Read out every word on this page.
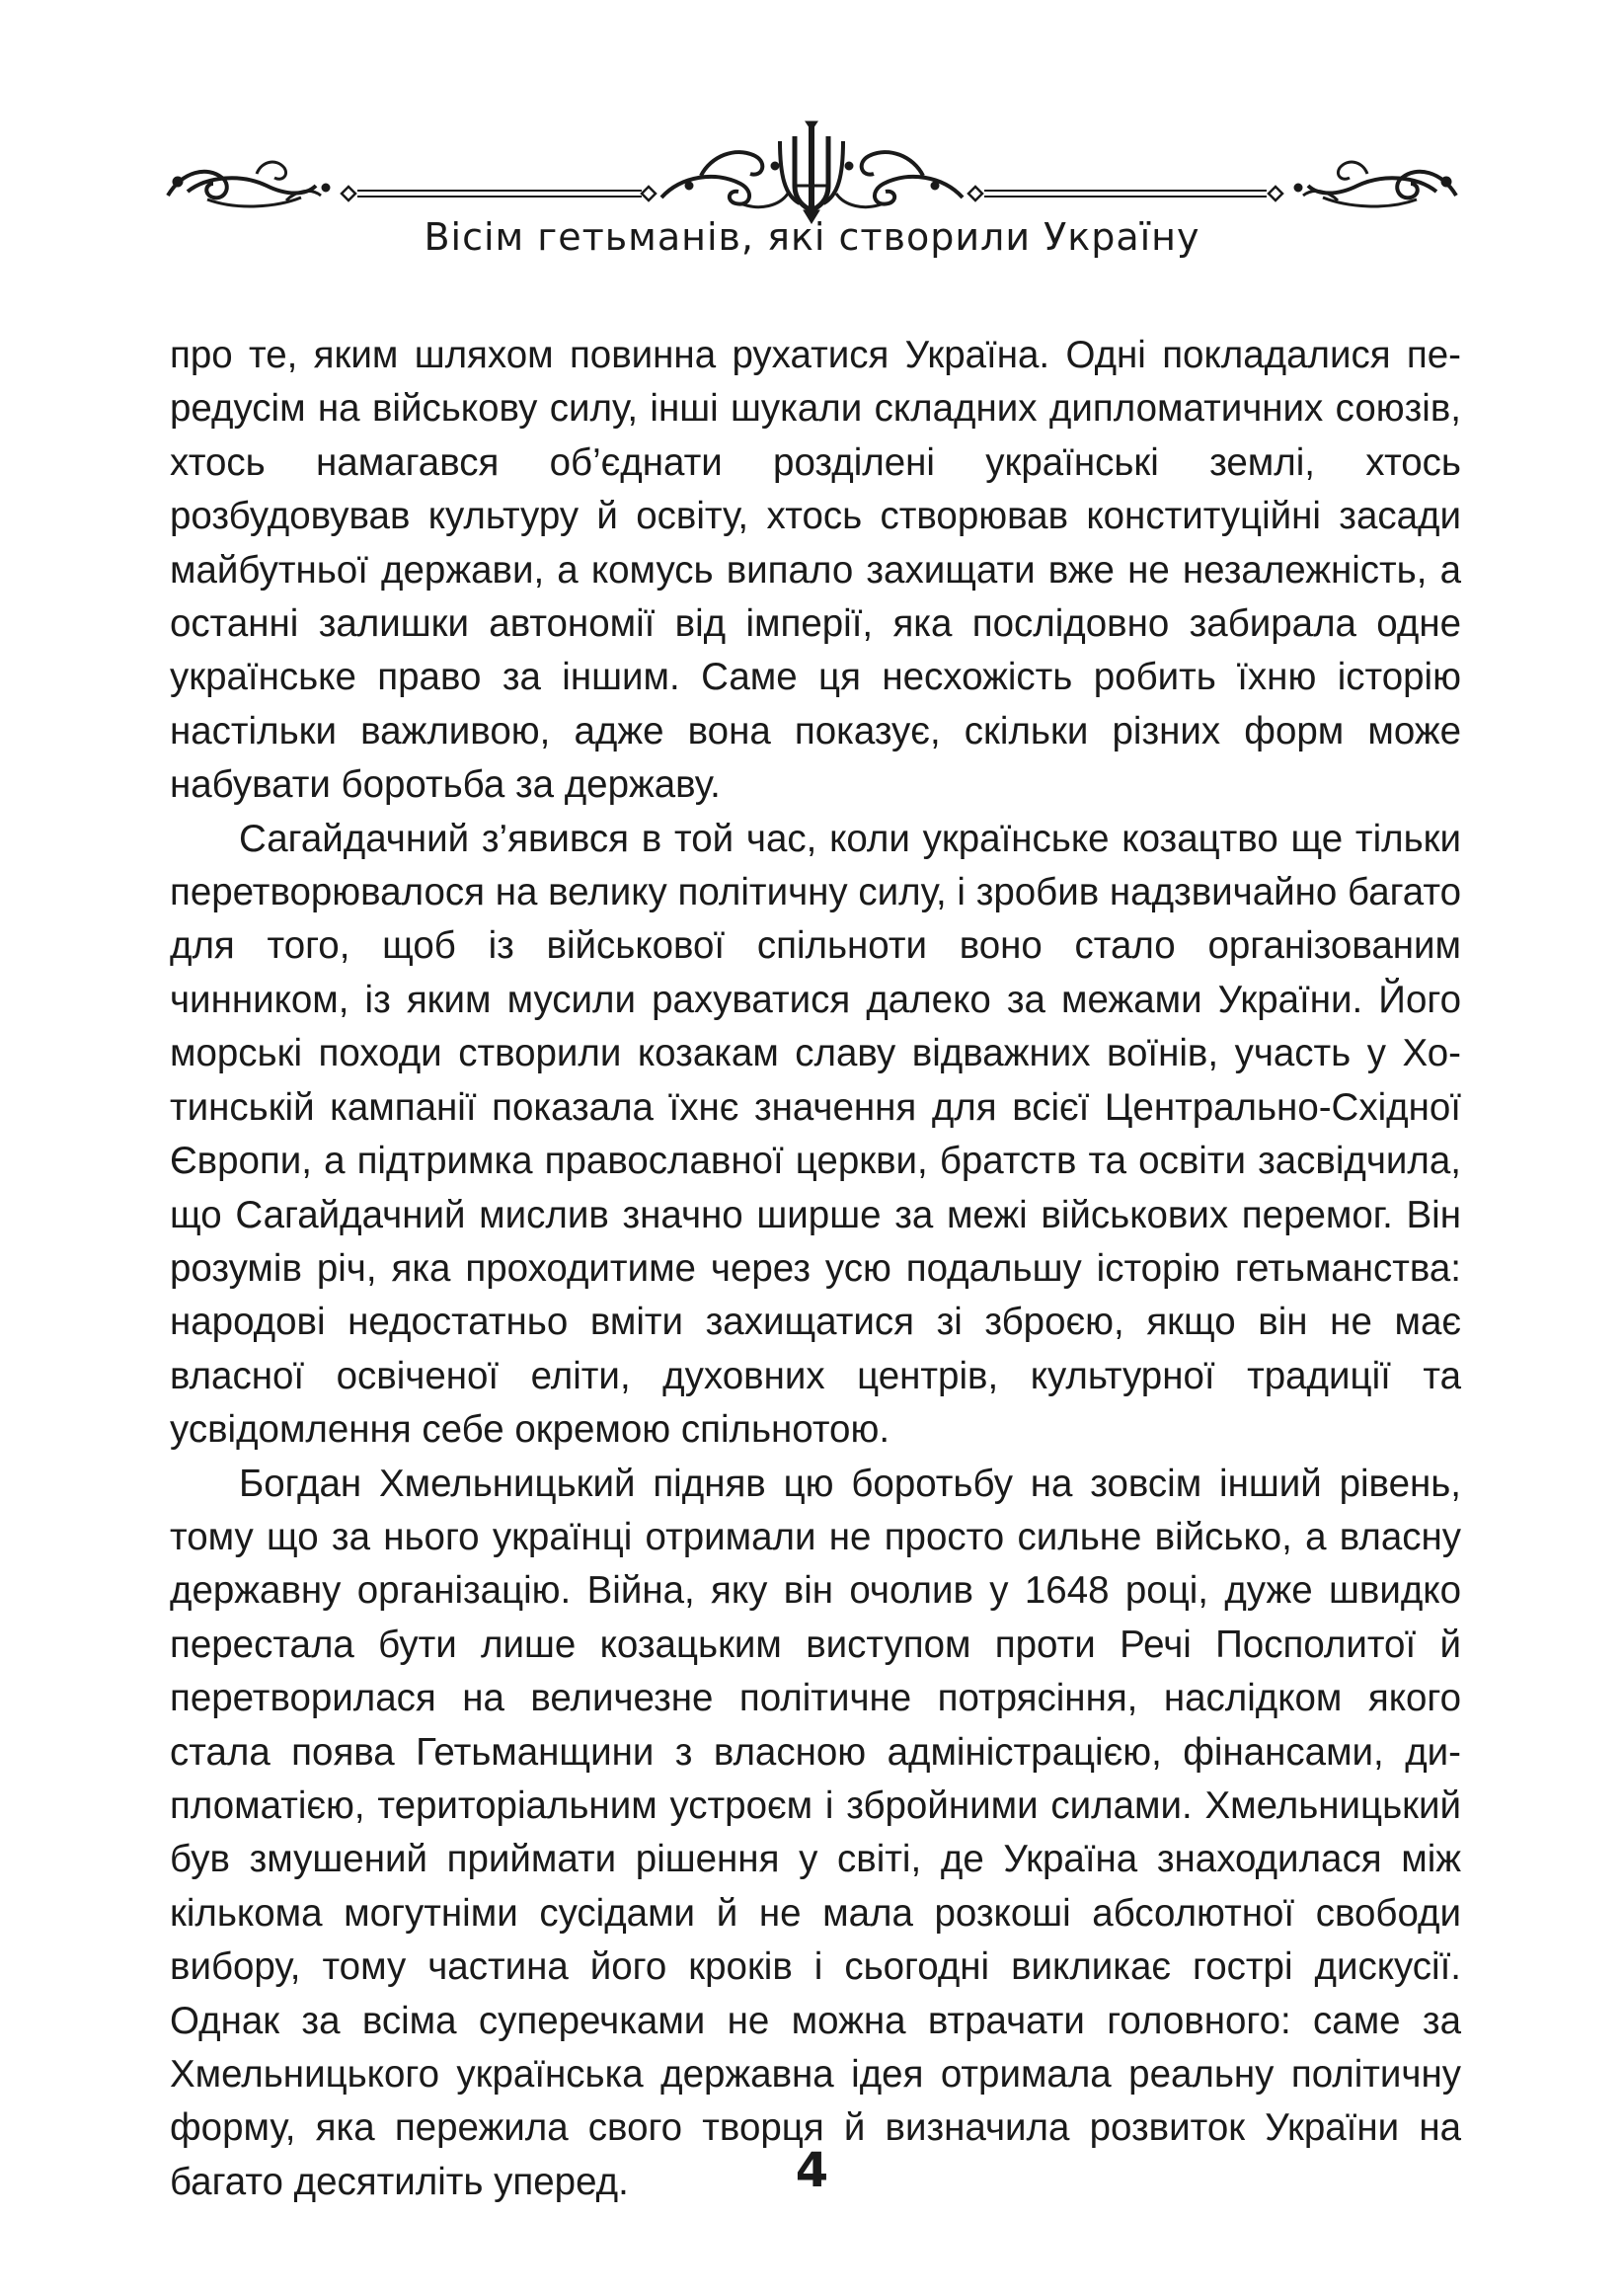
Вісім гетьманів, які створили Україну

про те, яким шляхом повинна рухатися Україна. Одні покладалися передусім на військову силу, інші шукали складних дипломатичних союзів, хтось намагався об’єднати розділені українські землі, хтось розбудовував культуру й освіту, хтось створював конституційні засади майбутньої держави, а комусь випало захищати вже не незалежність, а останні залишки автономії від імперії, яка послідовно забирала одне українське право за іншим. Саме ця несхожість робить їхню історію настільки важливою, адже вона показує, скільки різних форм може набувати боротьба за державу.

Сагайдачний з’явився в той час, коли українське козацтво ще тільки перетворювалося на велику політичну силу, і зробив надзвичайно багато для того, щоб із військової спільноти воно стало організованим чинником, із яким мусили рахуватися далеко за межами України. Його морські походи створили козакам славу відважних воїнів, участь у Хотинській кампанії показала їхнє значення для всієї Центрально-Східної Європи, а підтримка православної церкви, братств та освіти засвідчила, що Сагайдачний мислив значно ширше за межі військових перемог. Він розумів річ, яка проходитиме через усю подальшу історію гетьманства: народові недостатньо вміти захищатися зі зброєю, якщо він не має власної освіченої еліти, духовних центрів, культурної традиції та усвідомлення себе окремою спільнотою.

Богдан Хмельницький підняв цю боротьбу на зовсім інший рівень, тому що за нього українці отримали не просто сильне військо, а власну державну організацію. Війна, яку він очолив у 1648 році, дуже швидко перестала бути лише козацьким виступом проти Речі Посполитої й перетворилася на величезне політичне потрясіння, наслідком якого стала поява Гетьманщини з власною адміністрацією, фінансами, дипломатією, територіальним устроєм і збройними силами. Хмельницький був змушений приймати рішення у світі, де Україна знаходилася між кількома могутніми сусідами й не мала розкоші абсолютної свободи вибору, тому частина його кроків і сьогодні викликає гострі дискусії. Однак за всіма суперечками не можна втрачати головного: саме за Хмельницького українська державна ідея отримала реальну політичну форму, яка пережила свого творця й визначила розвиток України на багато десятиліть уперед.	4
